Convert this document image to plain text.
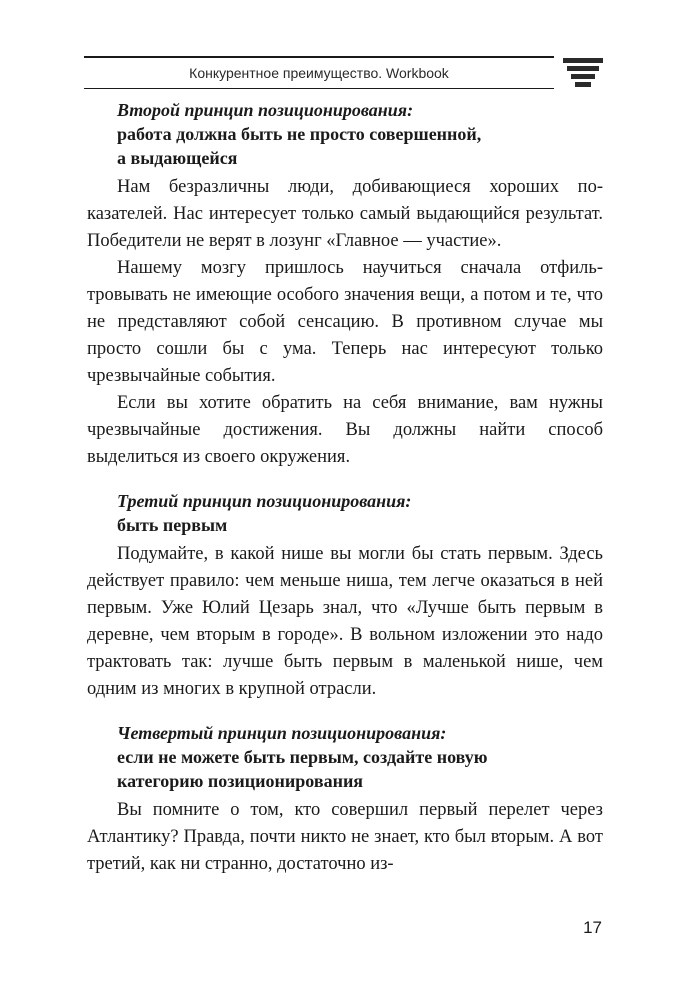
Конкурентное преимущество. Workbook
Второй принцип позиционирования:
работа должна быть не просто совершенной,
а выдающейся

Нам безразличны люди, добивающиеся хороших показателей. Нас интересует только самый выдающийся результат. Победители не верят в лозунг «Главное — участие».

Нашему мозгу пришлось научиться сначала отфильтровывать не имеющие особого значения вещи, а потом и те, что не представляют собой сенсацию. В противном случае мы просто сошли бы с ума. Теперь нас интересуют только чрезвычайные события.

Если вы хотите обратить на себя внимание, вам нужны чрезвычайные достижения. Вы должны найти способ выделиться из своего окружения.

Третий принцип позиционирования:
быть первым

Подумайте, в какой нише вы могли бы стать первым. Здесь действует правило: чем меньше ниша, тем легче оказаться в ней первым. Уже Юлий Цезарь знал, что «Лучше быть первым в деревне, чем вторым в городе». В вольном изложении это надо трактовать так: лучше быть первым в маленькой нише, чем одним из многих в крупной отрасли.

Четвертый принцип позиционирования:
если не можете быть первым, создайте новую
категорию позиционирования

Вы помните о том, кто совершил первый перелет через Атлантику? Правда, почти никто не знает, кто был вторым. А вот третий, как ни странно, достаточно из-

17
